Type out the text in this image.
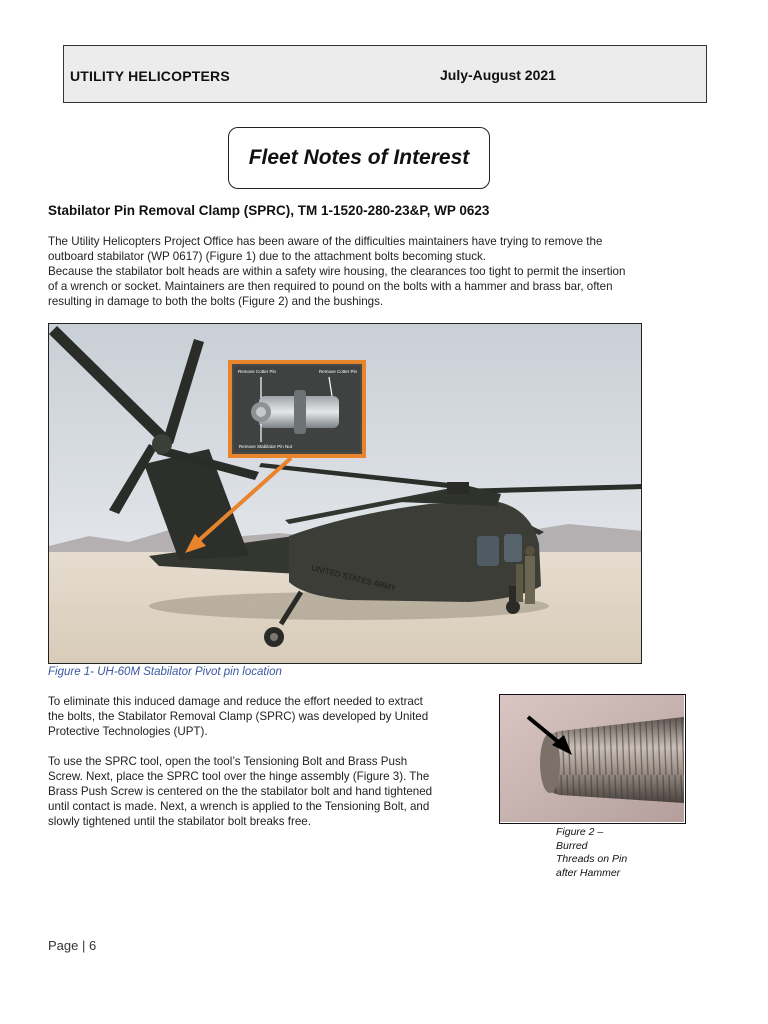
UTILITY HELICOPTERS	July-August 2021
Fleet Notes of Interest
Stabilator Pin Removal Clamp (SPRC), TM 1-1520-280-23&P, WP 0623
The Utility Helicopters Project Office has been aware of the difficulties maintainers have trying to remove the
outboard stabilator (WP 0617) (Figure 1) due to the attachment bolts becoming stuck.
Because the stabilator bolt heads are within a safety wire housing, the clearances too tight to permit the insertion
of a wrench or socket. Maintainers are then required to pound on the bolts with a hammer and brass bar, often
resulting in damage to both the bolts (Figure 2) and the bushings.
UNITED STATES ARMY
Remove Cotter Pin	Remove Cotter Pin
Remove Stabilator Pin Nut
Figure 1- UH-60M Stabilator Pivot pin location
To eliminate this induced damage and reduce the effort needed to extract
the bolts, the Stabilator Removal Clamp (SPRC) was developed by United
Protective Technologies (UPT).
To use the SPRC tool, open the tool’s Tensioning Bolt and Brass Push
Screw. Next, place the SPRC tool over the hinge assembly (Figure 3). The
Brass Push Screw is centered on the the stabilator bolt and hand tightened
until contact is made. Next, a wrench is applied to the Tensioning Bolt, and
slowly tightened until the stabilator bolt breaks free.
Figure 2 –
Burred
Threads on Pin
after Hammer
Page | 6
